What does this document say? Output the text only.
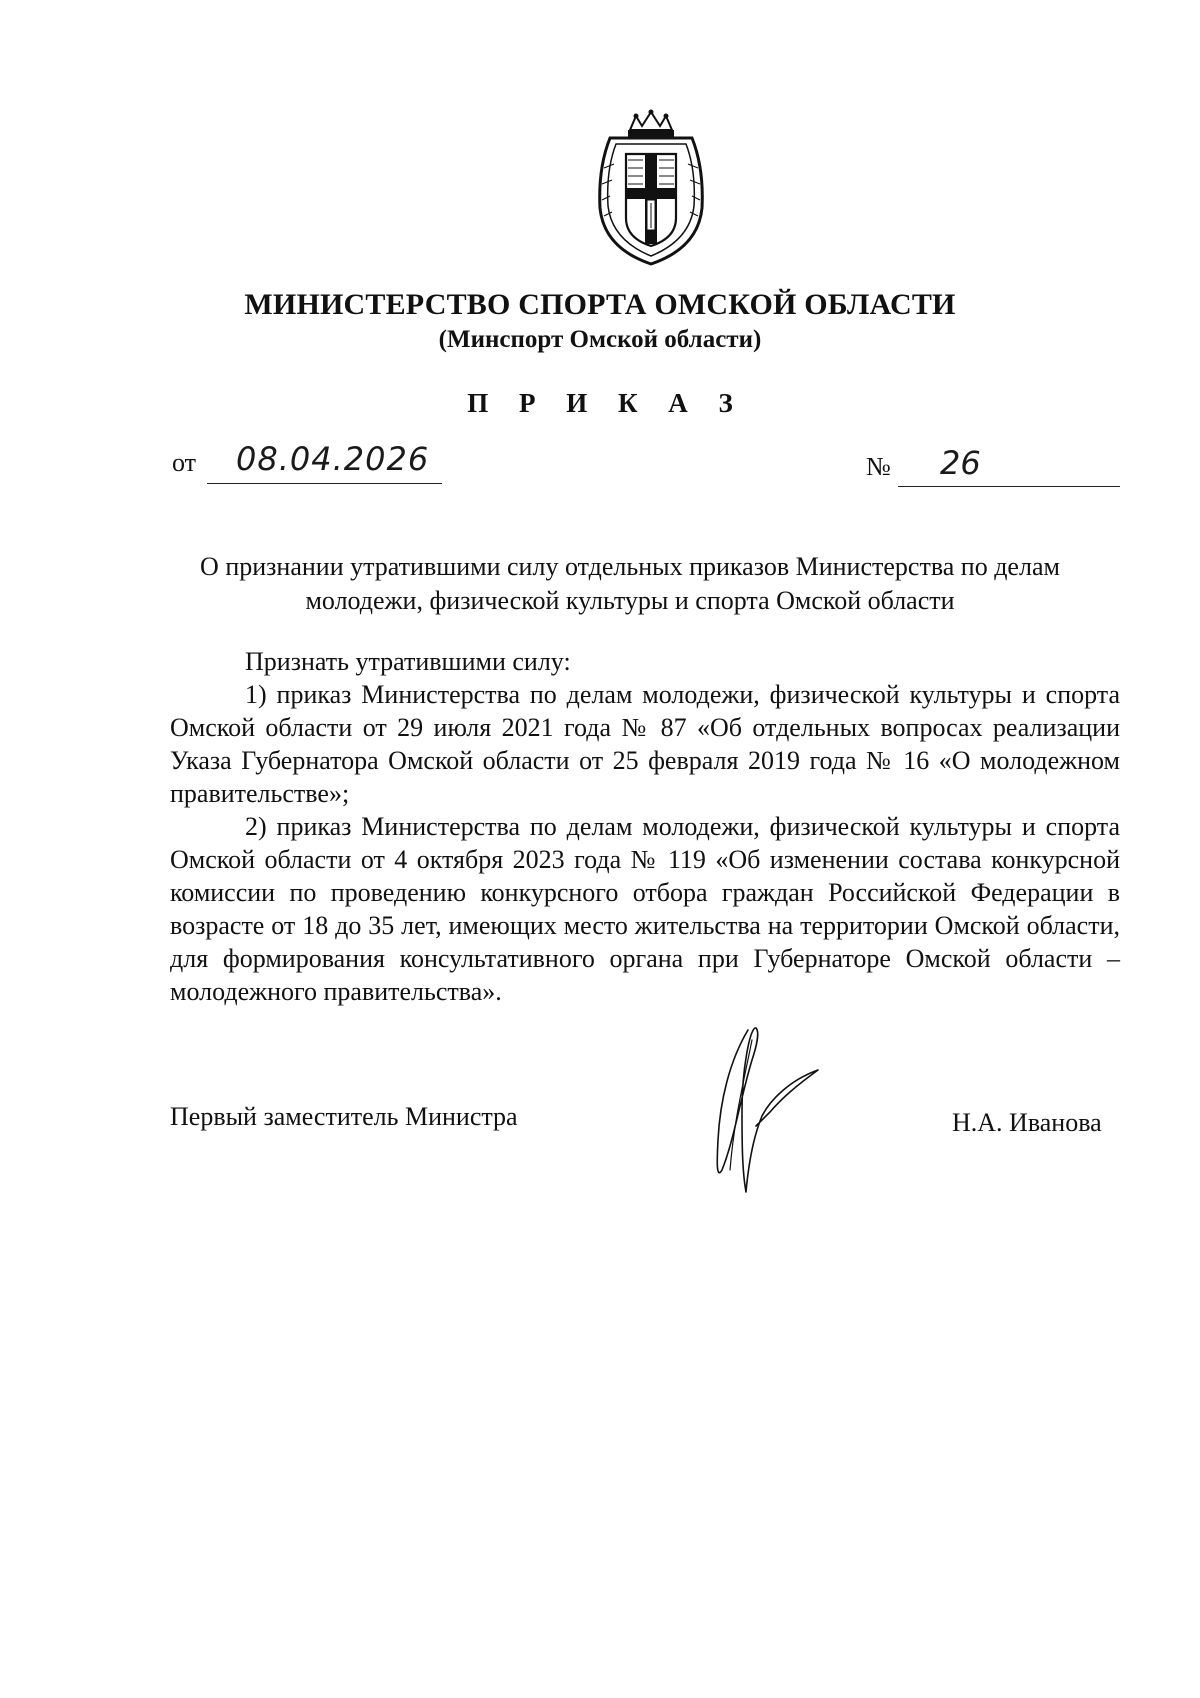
МИНИСТЕРСТВО СПОРТА ОМСКОЙ ОБЛАСТИ
(Минспорт Омской области)
П Р И К А З
от 08.04.2026	№ 26
О признании утратившими силу отдельных приказов Министерства по делам молодежи, физической культуры и спорта Омской области

Признать утратившими силу:

1) приказ Министерства по делам молодежи, физической культуры и спорта Омской области от 29 июля 2021 года № 87 «Об отдельных вопросах реализации Указа Губернатора Омской области от 25 февраля 2019 года № 16 «О молодежном правительстве»;

2) приказ Министерства по делам молодежи, физической культуры и спорта Омской области от 4 октября 2023 года № 119 «Об изменении состава конкурсной комиссии по проведению конкурсного отбора граждан Российской Федерации в возрасте от 18 до 35 лет, имеющих место жительства на территории Омской области, для формирования консультативного органа при Губернаторе Омской области – молодежного правительства».

Первый заместитель Министра	Н.А. Иванова
